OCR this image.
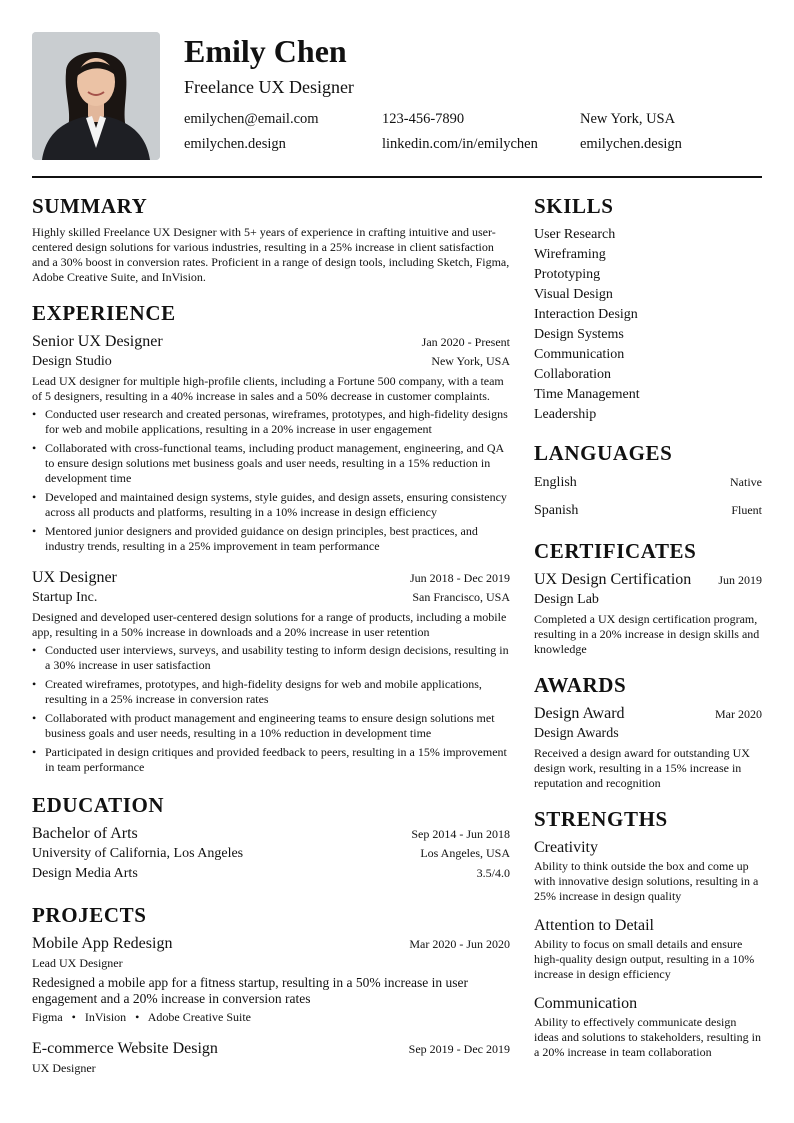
Emily Chen
Freelance UX Designer
emilychen@email.com	123-456-7890	New York, USA
emilychen.design	linkedin.com/in/emilychen	emilychen.design
SUMMARY

Highly skilled Freelance UX Designer with 5+ years of experience in crafting intuitive and user-centered design solutions for various industries, resulting in a 25% increase in client satisfaction and a 30% boost in conversion rates. Proficient in a range of design tools, including Sketch, Figma, Adobe Creative Suite, and InVision.

EXPERIENCE
Senior UX Designer	Jan 2020 - Present
Design Studio	New York, USA

Lead UX designer for multiple high-profile clients, including a Fortune 500 company, with a team of 5 designers, resulting in a 40% increase in sales and a 50% decrease in customer complaints.

• Conducted user research and created personas, wireframes, prototypes, and high-fidelity designs for web and mobile applications, resulting in a 20% increase in user engagement
• Collaborated with cross-functional teams, including product management, engineering, and QA to ensure design solutions met business goals and user needs, resulting in a 15% reduction in development time
• Developed and maintained design systems, style guides, and design assets, ensuring consistency across all products and platforms, resulting in a 10% increase in design efficiency
• Mentored junior designers and provided guidance on design principles, best practices, and industry trends, resulting in a 25% improvement in team performance
UX Designer	Jun 2018 - Dec 2019
Startup Inc.	San Francisco, USA

Designed and developed user-centered design solutions for a range of products, including a mobile app, resulting in a 50% increase in downloads and a 20% increase in user retention

• Conducted user interviews, surveys, and usability testing to inform design decisions, resulting in a 30% increase in user satisfaction
• Created wireframes, prototypes, and high-fidelity designs for web and mobile applications, resulting in a 25% increase in conversion rates
• Collaborated with product management and engineering teams to ensure design solutions met business goals and user needs, resulting in a 10% reduction in development time
• Participated in design critiques and provided feedback to peers, resulting in a 15% improvement in team performance
EDUCATION
Bachelor of Arts	Sep 2014 - Jun 2018
University of California, Los Angeles	Los Angeles, USA
Design Media Arts	3.5/4.0
PROJECTS
Mobile App Redesign	Mar 2020 - Jun 2020
Lead UX Designer

Redesigned a mobile app for a fitness startup, resulting in a 50% increase in user engagement and a 20% increase in conversion rates

Figma • InVision • Adobe Creative Suite
E-commerce Website Design	Sep 2019 - Dec 2019
UX Designer
SKILLS
User Research
Wireframing
Prototyping
Visual Design
Interaction Design
Design Systems
Communication
Collaboration
Time Management
Leadership
LANGUAGES
English	Native
Spanish	Fluent
CERTIFICATES
UX Design Certification Jun 2019
Design Lab

Completed a UX design certification program, resulting in a 20% increase in design skills and knowledge

AWARDS
Design Award	Mar 2020
Design Awards

Received a design award for outstanding UX design work, resulting in a 15% increase in reputation and recognition

STRENGTHS
Creativity

Ability to think outside the box and come up with innovative design solutions, resulting in a 25% increase in design quality

Attention to Detail

Ability to focus on small details and ensure high-quality design output, resulting in a 10% increase in design efficiency

Communication

Ability to effectively communicate design ideas and solutions to stakeholders, resulting in a 20% increase in team collaboration
